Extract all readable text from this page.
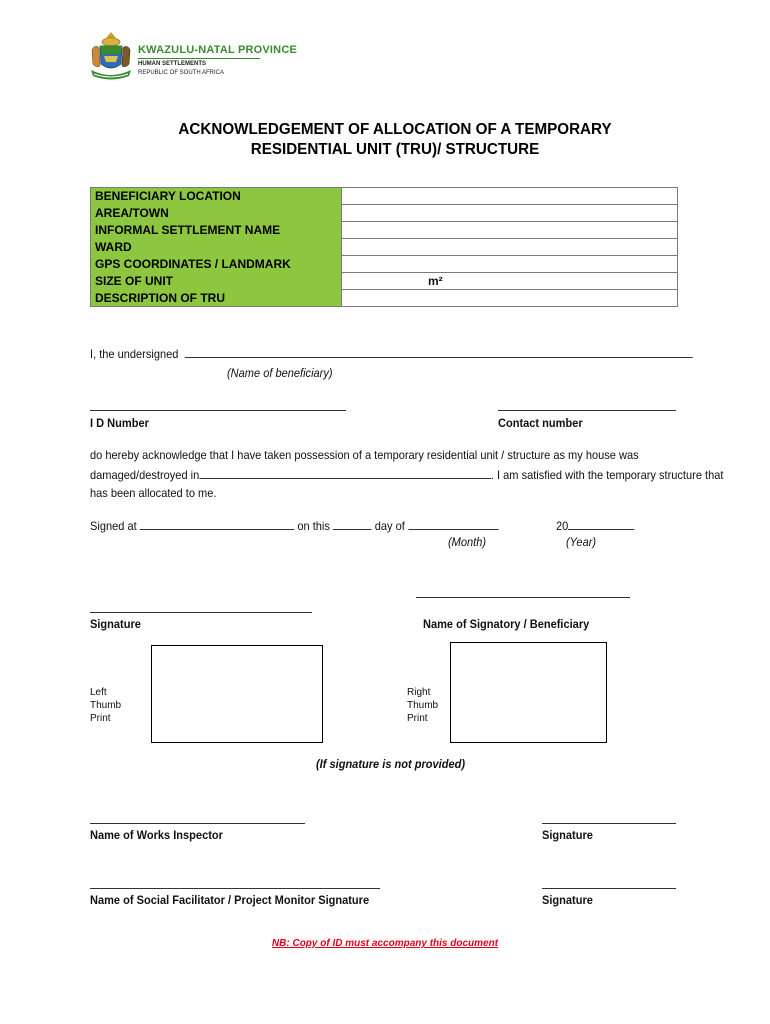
KWAZULU-NATAL PROVINCE
HUMAN SETTLEMENTS
REPUBLIC OF SOUTH AFRICA
ACKNOWLEDGEMENT OF ALLOCATION OF A TEMPORARY
RESIDENTIAL UNIT (TRU)/ STRUCTURE
BENEFICIARY LOCATION	
AREA/TOWN	
INFORMAL SETTLEMENT NAME	
WARD	
GPS COORDINATES / LANDMARK	
SIZE OF UNIT	m²
DESCRIPTION OF TRU	
I, the undersigned
(Name of beneficiary)
I D Number	Contact number
do hereby acknowledge that I have taken possession of a temporary residential unit / structure as my house was
damaged/destroyed in	. I am satisfied with the temporary structure that
has been allocated to me.
Signed at	on this	day of	20
(Month)	(Year)
Signature	Name of Signatory / Beneficiary
Left
Thumb
Print
Right
Thumb
Print
(If signature is not provided)
Name of Works Inspector	Signature
Name of Social Facilitator / Project Monitor Signature	Signature
NB: Copy of ID must accompany this document
